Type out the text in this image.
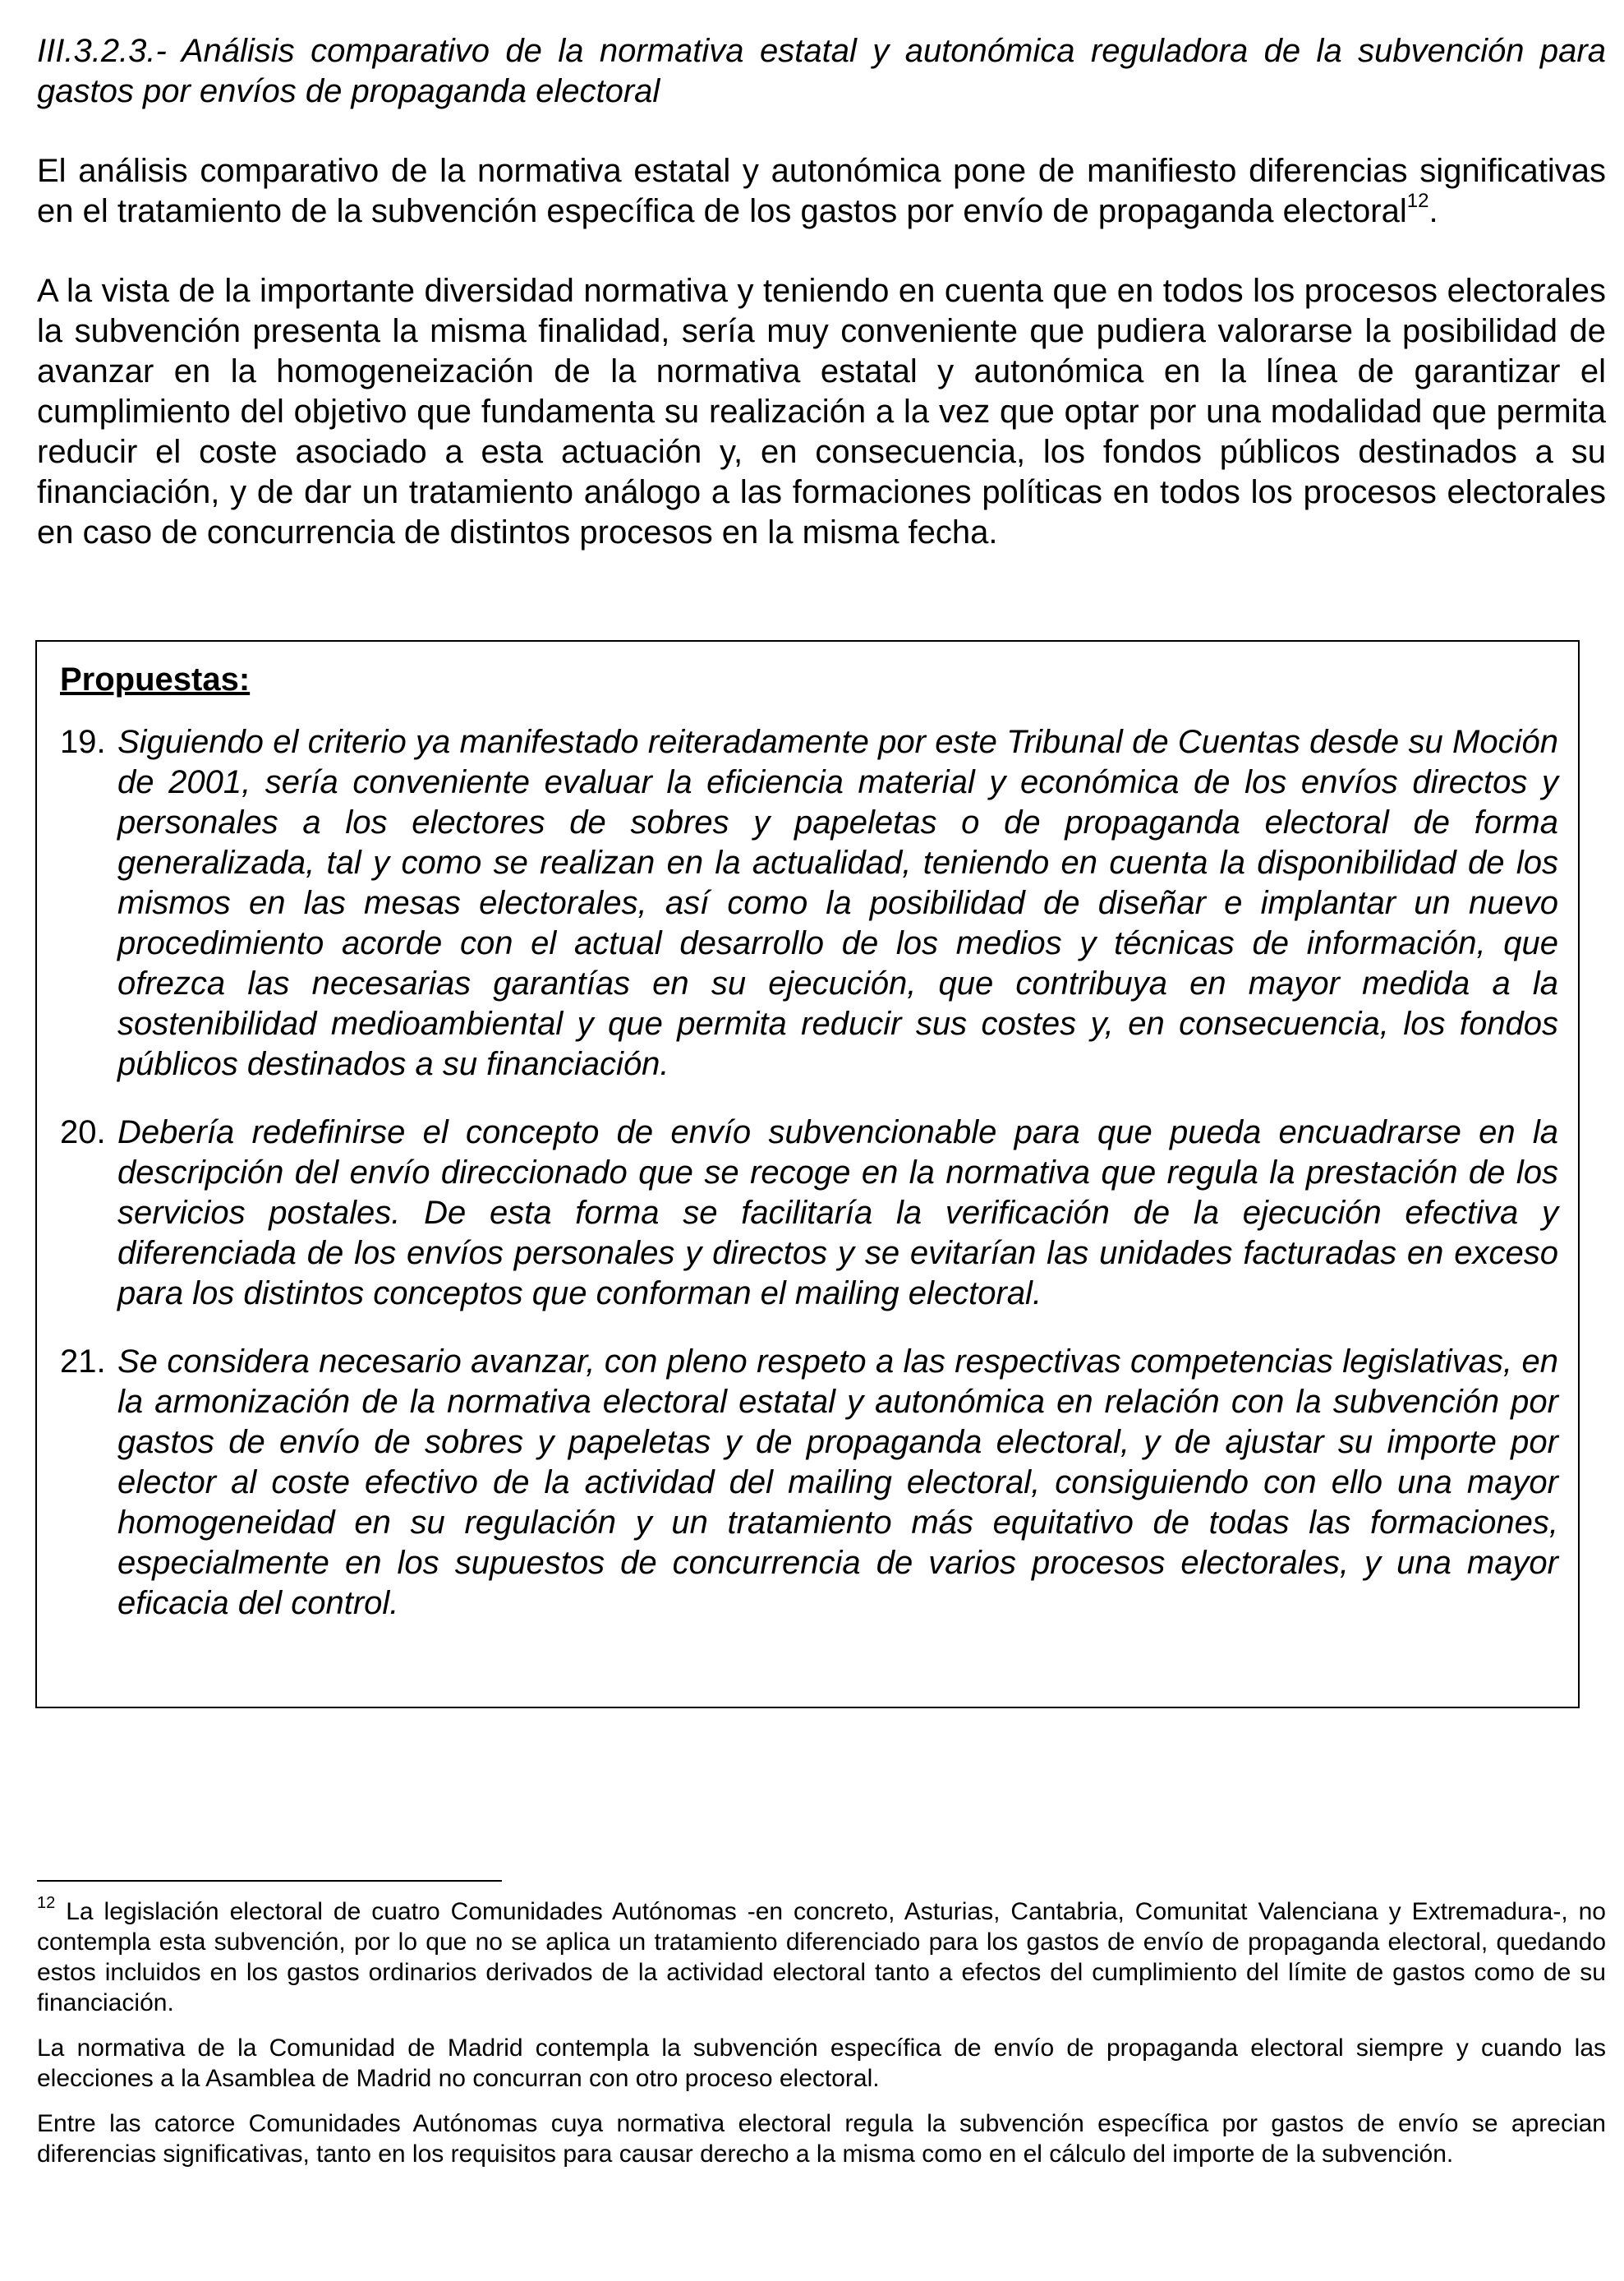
III.3.2.3.- Análisis comparativo de la normativa estatal y autonómica reguladora de la subvención para gastos por envíos de propaganda electoral

El análisis comparativo de la normativa estatal y autonómica pone de manifiesto diferencias significativas en el tratamiento de la subvención específica de los gastos por envío de propaganda electoral$^{12}$.

A la vista de la importante diversidad normativa y teniendo en cuenta que en todos los procesos electorales la subvención presenta la misma finalidad, sería muy conveniente que pudiera valorarse la posibilidad de avanzar en la homogeneización de la normativa estatal y autonómica en la línea de garantizar el cumplimiento del objetivo que fundamenta su realización a la vez que optar por una modalidad que permita reducir el coste asociado a esta actuación y, en consecuencia, los fondos públicos destinados a su financiación, y de dar un tratamiento análogo a las formaciones políticas en todos los procesos electorales en caso de concurrencia de distintos procesos en la misma fecha.

Propuestas:

19. Siguiendo el criterio ya manifestado reiteradamente por este Tribunal de Cuentas desde su Moción de 2001, sería conveniente evaluar la eficiencia material y económica de los envíos directos y personales a los electores de sobres y papeletas o de propaganda electoral de forma generalizada, tal y como se realizan en la actualidad, teniendo en cuenta la disponibilidad de los mismos en las mesas electorales, así como la posibilidad de diseñar e implantar un nuevo procedimiento acorde con el actual desarrollo de los medios y técnicas de información, que ofrezca las necesarias garantías en su ejecución, que contribuya en mayor medida a la sostenibilidad medioambiental y que permita reducir sus costes y, en consecuencia, los fondos públicos destinados a su financiación.
20. Debería redefinirse el concepto de envío subvencionable para que pueda encuadrarse en la descripción del envío direccionado que se recoge en la normativa que regula la prestación de los servicios postales. De esta forma se facilitaría la verificación de la ejecución efectiva y diferenciada de los envíos personales y directos y se evitarían las unidades facturadas en exceso para los distintos conceptos que conforman el mailing electoral.
21. Se considera necesario avanzar, con pleno respeto a las respectivas competencias legislativas, en la armonización de la normativa electoral estatal y autonómica en relación con la subvención por gastos de envío de sobres y papeletas y de propaganda electoral, y de ajustar su importe por elector al coste efectivo de la actividad del mailing electoral, consiguiendo con ello una mayor homogeneidad en su regulación y un tratamiento más equitativo de todas las formaciones, especialmente en los supuestos de concurrencia de varios procesos electorales, y una mayor eficacia del control.

$^{12}$ La legislación electoral de cuatro Comunidades Autónomas -en concreto, Asturias, Cantabria, Comunitat Valenciana y Extremadura-, no contempla esta subvención, por lo que no se aplica un tratamiento diferenciado para los gastos de envío de propaganda electoral, quedando estos incluidos en los gastos ordinarios derivados de la actividad electoral tanto a efectos del cumplimiento del límite de gastos como de su financiación.

La normativa de la Comunidad de Madrid contempla la subvención específica de envío de propaganda electoral siempre y cuando las elecciones a la Asamblea de Madrid no concurran con otro proceso electoral.

Entre las catorce Comunidades Autónomas cuya normativa electoral regula la subvención específica por gastos de envío se aprecian diferencias significativas, tanto en los requisitos para causar derecho a la misma como en el cálculo del importe de la subvención.
